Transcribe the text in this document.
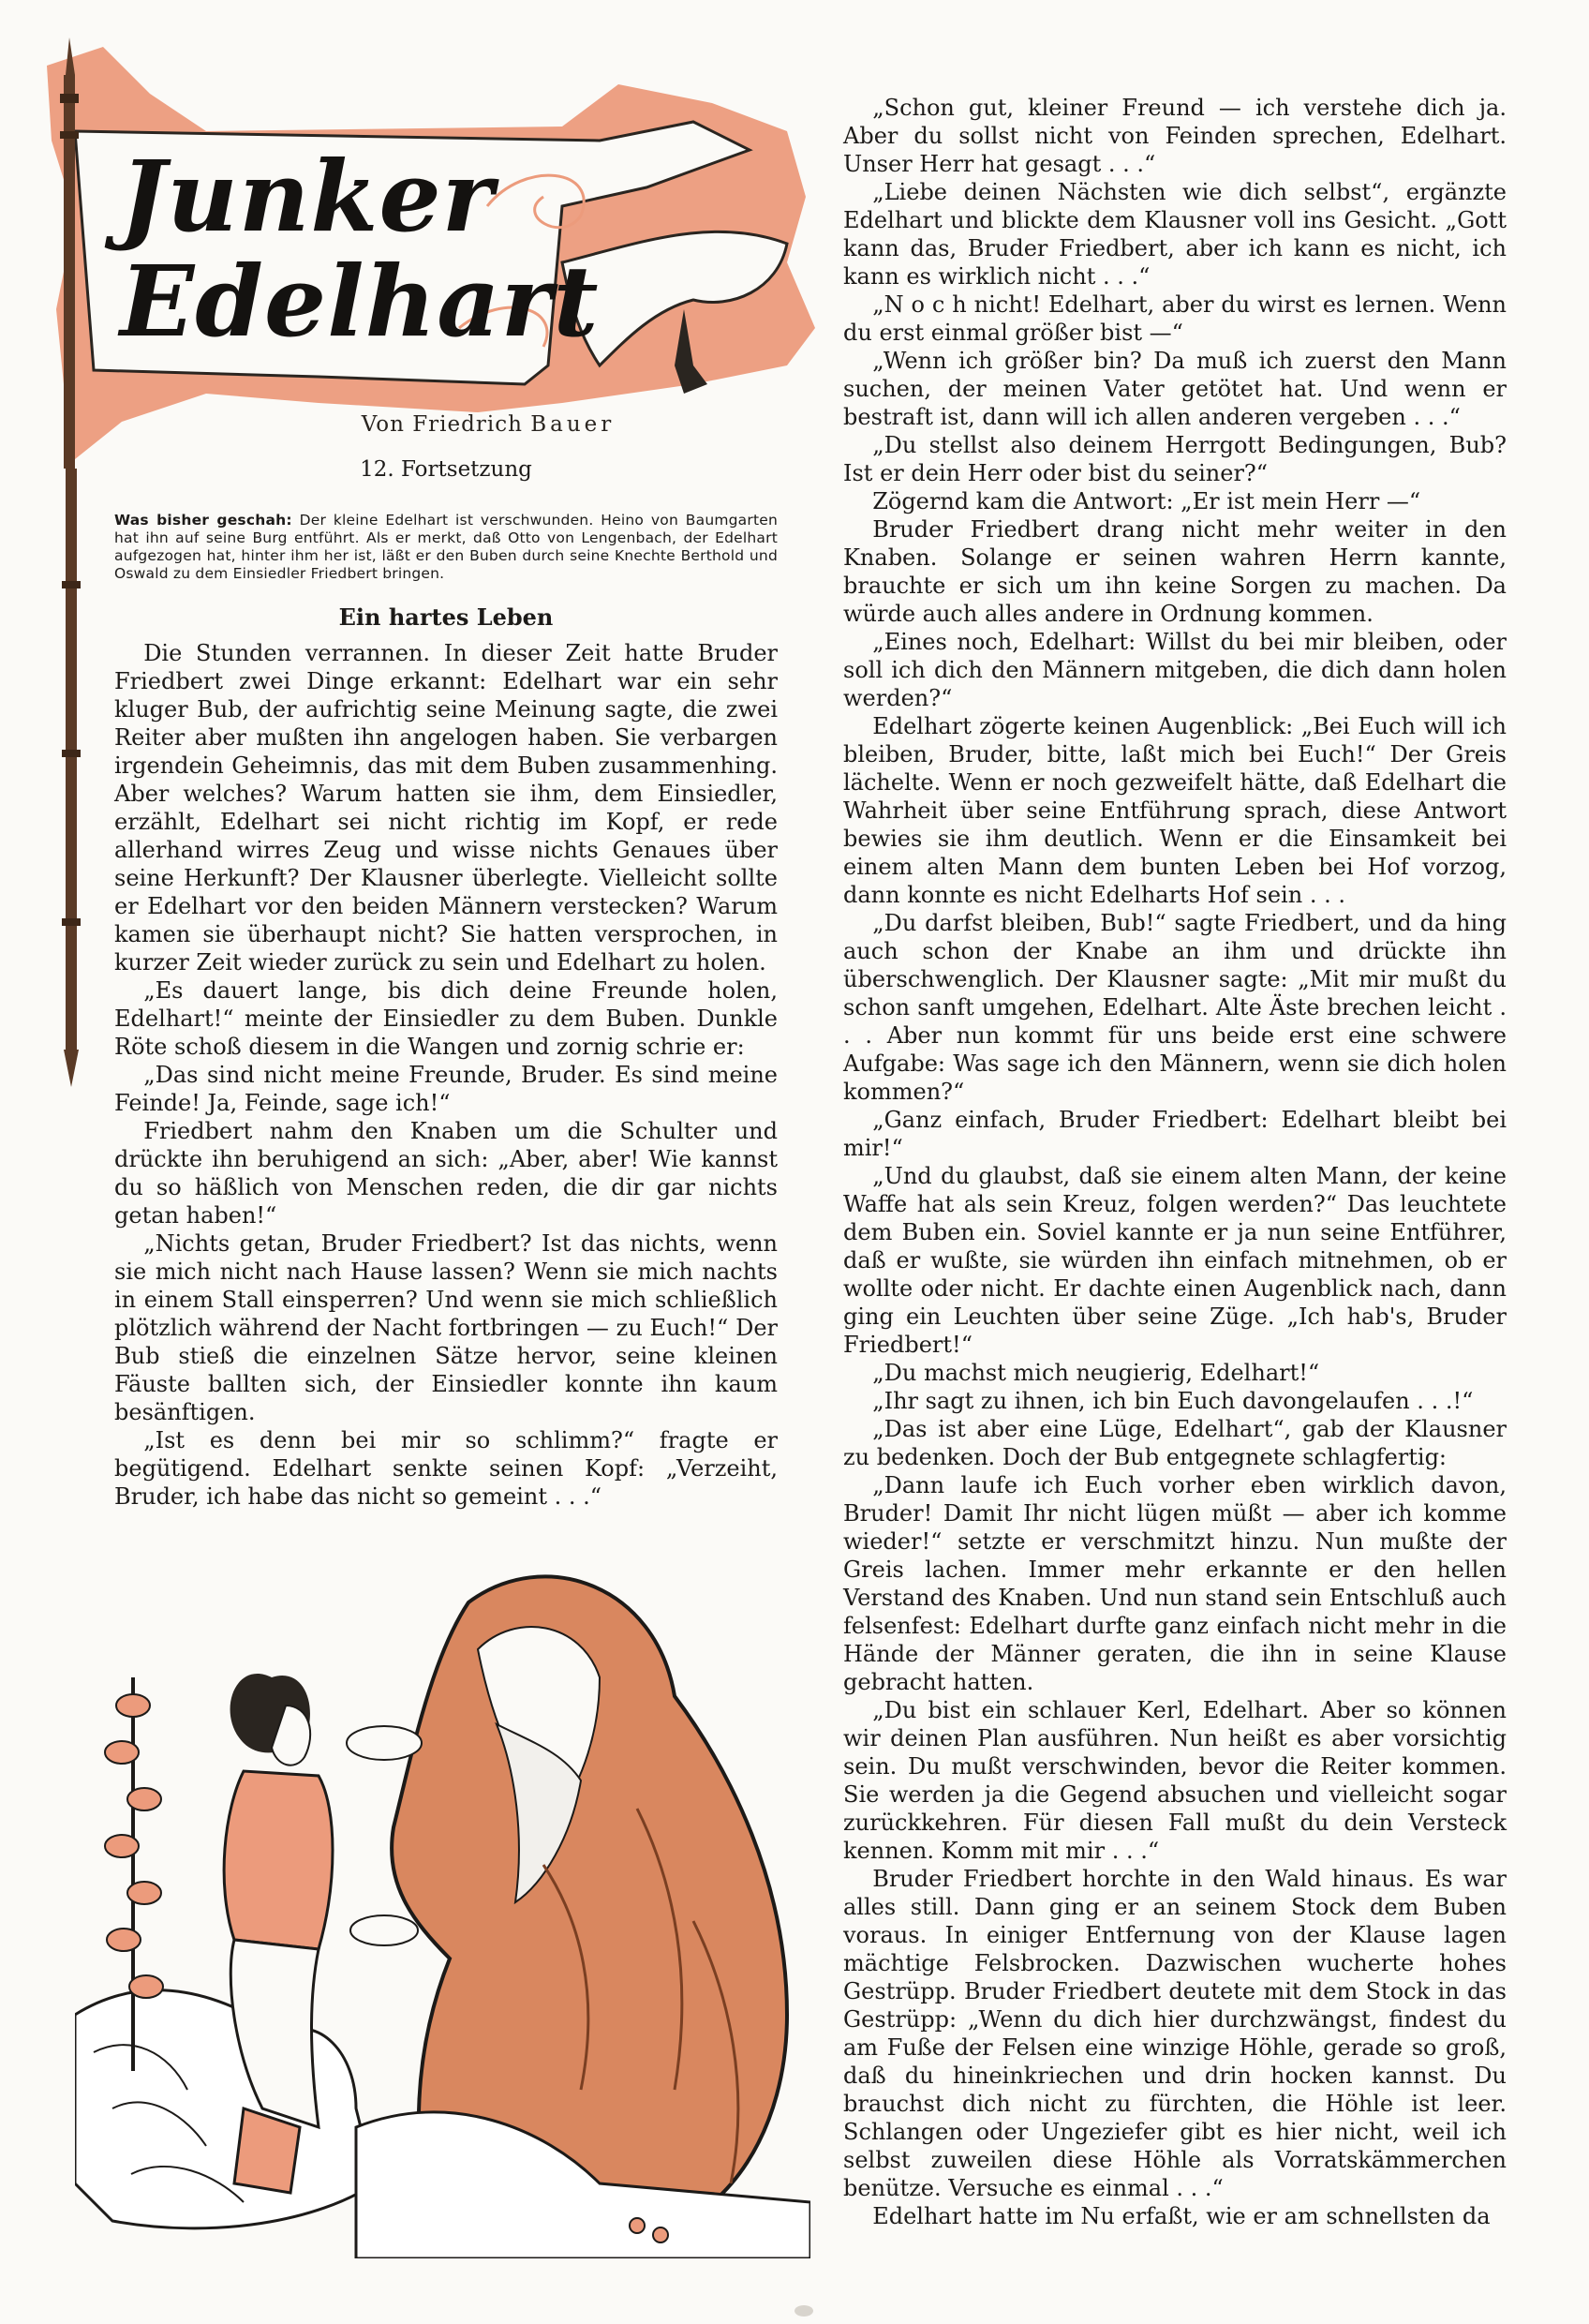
Junker
Edelhart
Von Friedrich Bauer

12. Fortsetzung

Was bisher geschah: Der kleine Edelhart ist verschwunden. Heino von Baumgarten hat ihn auf seine Burg entführt. Als er merkt, daß Otto von Lengenbach, der Edelhart aufgezogen hat, hinter ihm her ist, läßt er den Buben durch seine Knechte Berthold und Oswald zu dem Einsiedler Friedbert bringen.

Ein hartes Leben

Die Stunden verrannen. In dieser Zeit hatte Bruder Friedbert zwei Dinge erkannt: Edelhart war ein sehr kluger Bub, der aufrichtig seine Meinung sagte, die zwei Reiter aber mußten ihn angelogen haben. Sie verbargen irgendein Geheimnis, das mit dem Buben zusammenhing. Aber welches? Warum hatten sie ihm, dem Einsiedler, erzählt, Edelhart sei nicht richtig im Kopf, er rede allerhand wirres Zeug und wisse nichts Genaues über seine Herkunft? Der Klausner überlegte. Vielleicht sollte er Edelhart vor den beiden Männern verstecken? Warum kamen sie überhaupt nicht? Sie hatten versprochen, in kurzer Zeit wieder zurück zu sein und Edelhart zu holen.

„Es dauert lange, bis dich deine Freunde holen, Edelhart!“ meinte der Einsiedler zu dem Buben. Dunkle Röte schoß diesem in die Wangen und zornig schrie er:

„Das sind nicht meine Freunde, Bruder. Es sind meine Feinde! Ja, Feinde, sage ich!“

Friedbert nahm den Knaben um die Schulter und drückte ihn beruhigend an sich: „Aber, aber! Wie kannst du so häßlich von Menschen reden, die dir gar nichts getan haben!“

„Nichts getan, Bruder Friedbert? Ist das nichts, wenn sie mich nicht nach Hause lassen? Wenn sie mich nachts in einem Stall einsperren? Und wenn sie mich schließlich plötzlich während der Nacht fortbringen — zu Euch!“ Der Bub stieß die einzelnen Sätze hervor, seine kleinen Fäuste ballten sich, der Einsiedler konnte ihn kaum besänftigen.

„Ist es denn bei mir so schlimm?“ fragte er begütigend. Edelhart senkte seinen Kopf: „Verzeiht, Bruder, ich habe das nicht so gemeint . . .“

„Schon gut, kleiner Freund — ich verstehe dich ja. Aber du sollst nicht von Feinden sprechen, Edelhart. Unser Herr hat gesagt . . .“

„Liebe deinen Nächsten wie dich selbst“, ergänzte Edelhart und blickte dem Klausner voll ins Gesicht. „Gott kann das, Bruder Friedbert, aber ich kann es nicht, ich kann es wirklich nicht . . .“

„N o c h nicht! Edelhart, aber du wirst es lernen. Wenn du erst einmal größer bist —“

„Wenn ich größer bin? Da muß ich zuerst den Mann suchen, der meinen Vater getötet hat. Und wenn er bestraft ist, dann will ich allen anderen vergeben . . .“

„Du stellst also deinem Herrgott Bedingungen, Bub? Ist er dein Herr oder bist du seiner?“

Zögernd kam die Antwort: „Er ist mein Herr —“

Bruder Friedbert drang nicht mehr weiter in den Knaben. Solange er seinen wahren Herrn kannte, brauchte er sich um ihn keine Sorgen zu machen. Da würde auch alles andere in Ordnung kommen.

„Eines noch, Edelhart: Willst du bei mir bleiben, oder soll ich dich den Männern mitgeben, die dich dann holen werden?“

Edelhart zögerte keinen Augenblick: „Bei Euch will ich bleiben, Bruder, bitte, laßt mich bei Euch!“ Der Greis lächelte. Wenn er noch gezweifelt hätte, daß Edelhart die Wahrheit über seine Entführung sprach, diese Antwort bewies sie ihm deutlich. Wenn er die Einsamkeit bei einem alten Mann dem bunten Leben bei Hof vorzog, dann konnte es nicht Edelharts Hof sein . . .

„Du darfst bleiben, Bub!“ sagte Friedbert, und da hing auch schon der Knabe an ihm und drückte ihn überschwenglich. Der Klausner sagte: „Mit mir mußt du schon sanft umgehen, Edelhart. Alte Äste brechen leicht . . . Aber nun kommt für uns beide erst eine schwere Aufgabe: Was sage ich den Männern, wenn sie dich holen kommen?“

„Ganz einfach, Bruder Friedbert: Edelhart bleibt bei mir!“

„Und du glaubst, daß sie einem alten Mann, der keine Waffe hat als sein Kreuz, folgen werden?“ Das leuchtete dem Buben ein. Soviel kannte er ja nun seine Entführer, daß er wußte, sie würden ihn einfach mitnehmen, ob er wollte oder nicht. Er dachte einen Augenblick nach, dann ging ein Leuchten über seine Züge. „Ich hab's, Bruder Friedbert!“

„Du machst mich neugierig, Edelhart!“

„Ihr sagt zu ihnen, ich bin Euch davongelaufen . . .!“

„Das ist aber eine Lüge, Edelhart“, gab der Klausner zu bedenken. Doch der Bub entgegnete schlagfertig:

„Dann laufe ich Euch vorher eben wirklich davon, Bruder! Damit Ihr nicht lügen müßt — aber ich komme wieder!“ setzte er verschmitzt hinzu. Nun mußte der Greis lachen. Immer mehr erkannte er den hellen Verstand des Knaben. Und nun stand sein Entschluß auch felsenfest: Edelhart durfte ganz einfach nicht mehr in die Hände der Männer geraten, die ihn in seine Klause gebracht hatten.

„Du bist ein schlauer Kerl, Edelhart. Aber so können wir deinen Plan ausführen. Nun heißt es aber vorsichtig sein. Du mußt verschwinden, bevor die Reiter kommen. Sie werden ja die Gegend absuchen und vielleicht sogar zurückkehren. Für diesen Fall mußt du dein Versteck kennen. Komm mit mir . . .“

Bruder Friedbert horchte in den Wald hinaus. Es war alles still. Dann ging er an seinem Stock dem Buben voraus. In einiger Entfernung von der Klause lagen mächtige Felsbrocken. Dazwischen wucherte hohes Gestrüpp. Bruder Friedbert deutete mit dem Stock in das Gestrüpp: „Wenn du dich hier durchzwängst, findest du am Fuße der Felsen eine winzige Höhle, gerade so groß, daß du hineinkriechen und drin hocken kannst. Du brauchst dich nicht zu fürchten, die Höhle ist leer. Schlangen oder Ungeziefer gibt es hier nicht, weil ich selbst zuweilen diese Höhle als Vorratskämmerchen benütze. Versuche es einmal . . .“

Edelhart hatte im Nu erfaßt, wie er am schnellsten da
